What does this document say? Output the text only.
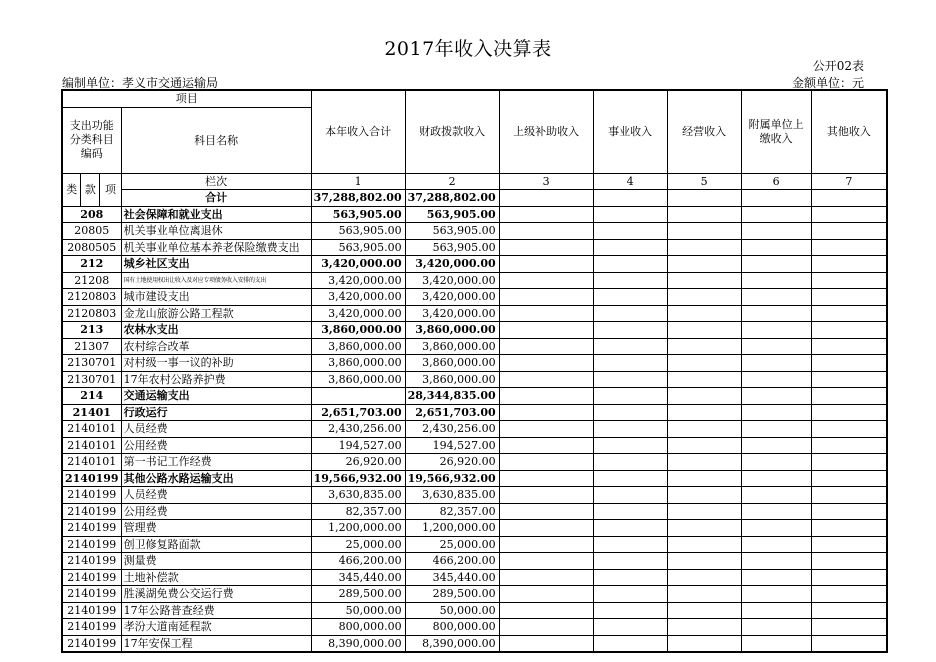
2017年收入决算表
公开02表
编制单位：孝义市交通运输局	金额单位：元
项目				本年收入合计	财政拨款收入	上级补助收入	事业收入	经营收入	附属单位上缴收入	其他收入
支出功能分类科目编码			科目名称							

类	款	项	栏次	1	2	3	4	5	6	7
			合计	37,288,802.00	37,288,802.00					
208			社会保障和就业支出	563,905.00	563,905.00					
20805			机关事业单位离退休	563,905.00	563,905.00					
2080505			机关事业单位基本养老保险缴费支出	563,905.00	563,905.00					
212			城乡社区支出	3,420,000.00	3,420,000.00					
21208			国有土地使用权出让收入及对应专项债务收入安排的支出	3,420,000.00	3,420,000.00					
2120803			城市建设支出	3,420,000.00	3,420,000.00					
2120803			金龙山旅游公路工程款	3,420,000.00	3,420,000.00					
213			农林水支出	3,860,000.00	3,860,000.00					
21307			农村综合改革	3,860,000.00	3,860,000.00					
2130701			对村级一事一议的补助	3,860,000.00	3,860,000.00					
2130701			17年农村公路养护费	3,860,000.00	3,860,000.00					
214			交通运输支出		28,344,835.00					
21401			行政运行	2,651,703.00	2,651,703.00					
2140101			人员经费	2,430,256.00	2,430,256.00					
2140101			公用经费	194,527.00	194,527.00					
2140101			第一书记工作经费	26,920.00	26,920.00					
2140199			其他公路水路运输支出	19,566,932.00	19,566,932.00					
2140199			人员经费	3,630,835.00	3,630,835.00					
2140199			公用经费	82,357.00	82,357.00					
2140199			管理费	1,200,000.00	1,200,000.00					
2140199			创卫修复路面款	25,000.00	25,000.00					
2140199			测量费	466,200.00	466,200.00					
2140199			土地补偿款	345,440.00	345,440.00					
2140199			胜溪湖免费公交运行费	289,500.00	289,500.00					
2140199			17年公路普查经费	50,000.00	50,000.00					
2140199			孝汾大道南延程款	800,000.00	800,000.00					
2140199			17年安保工程	8,390,000.00	8,390,000.00					
